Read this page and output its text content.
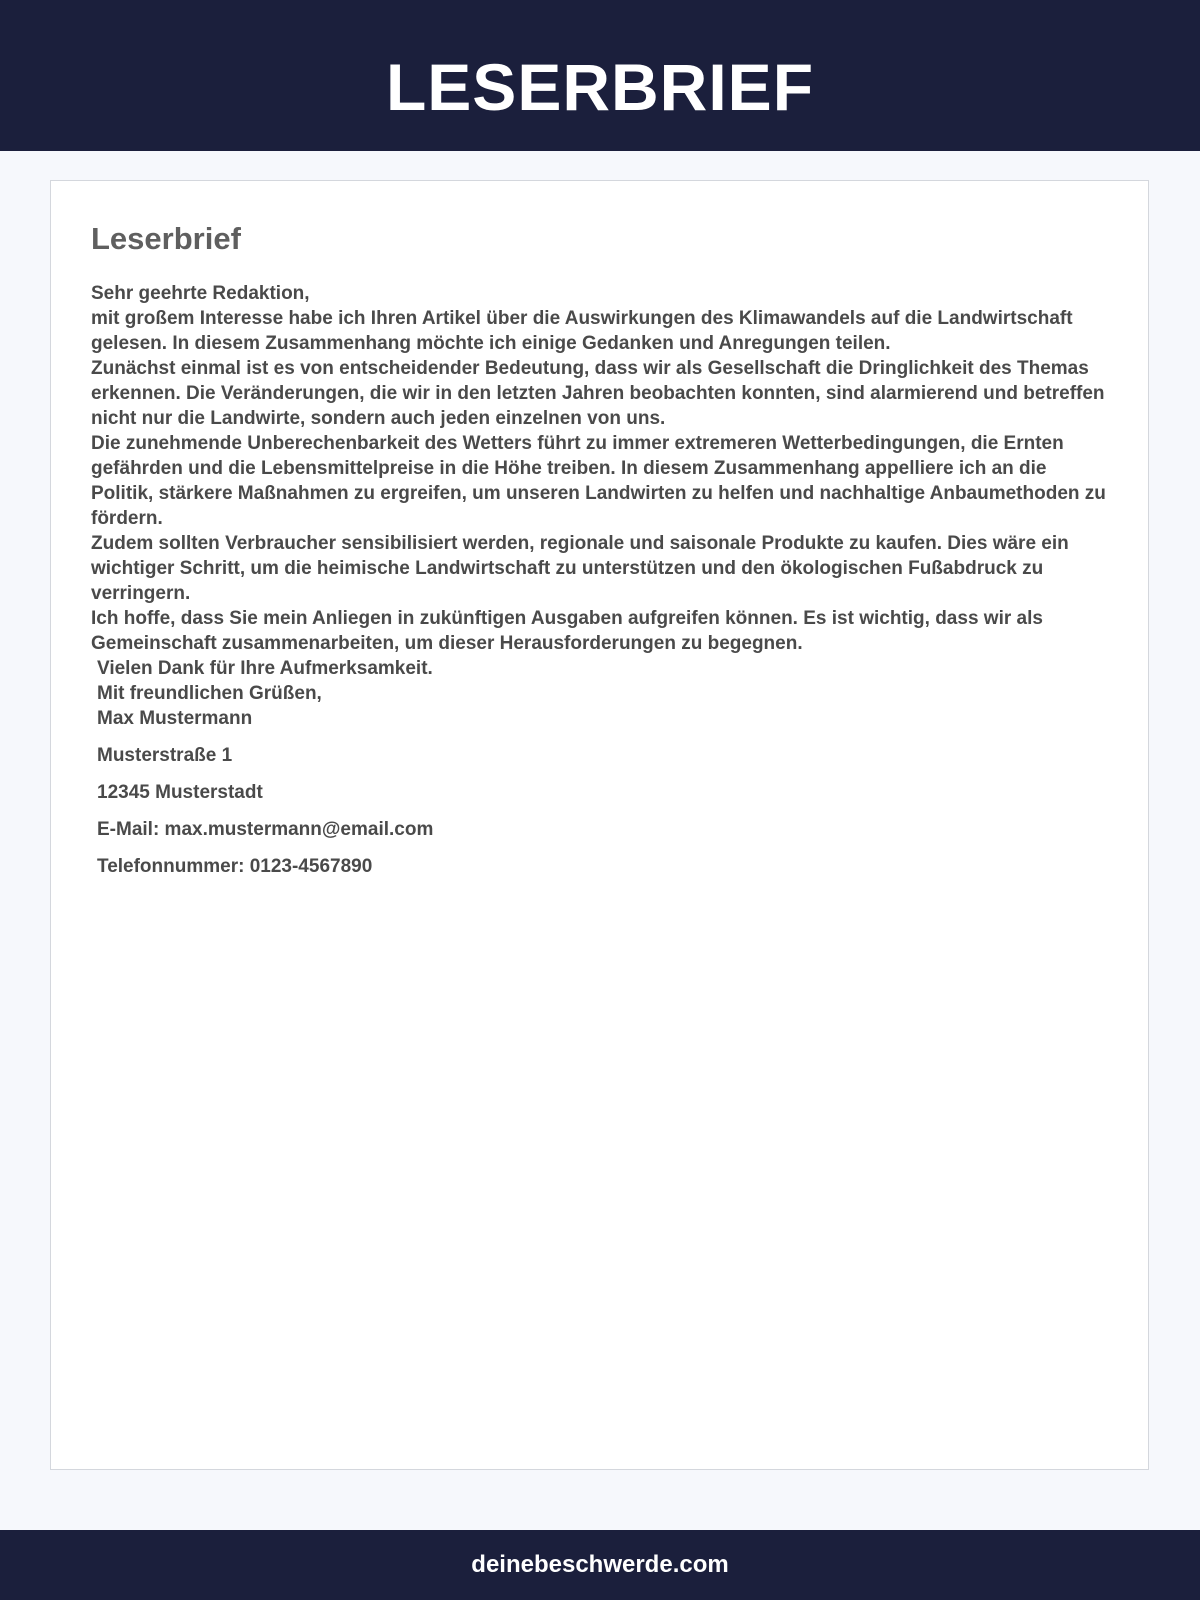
LESERBRIEF
Leserbrief

Sehr geehrte Redaktion,

mit großem Interesse habe ich Ihren Artikel über die Auswirkungen des Klimawandels auf die Landwirtschaft gelesen. In diesem Zusammenhang möchte ich einige Gedanken und Anregungen teilen.

Zunächst einmal ist es von entscheidender Bedeutung, dass wir als Gesellschaft die Dringlichkeit des Themas erkennen. Die Veränderungen, die wir in den letzten Jahren beobachten konnten, sind alarmierend und betreffen nicht nur die Landwirte, sondern auch jeden einzelnen von uns.

Die zunehmende Unberechenbarkeit des Wetters führt zu immer extremeren Wetterbedingungen, die Ernten gefährden und die Lebensmittelpreise in die Höhe treiben. In diesem Zusammenhang appelliere ich an die Politik, stärkere Maßnahmen zu ergreifen, um unseren Landwirten zu helfen und nachhaltige Anbaumethoden zu fördern.

Zudem sollten Verbraucher sensibilisiert werden, regionale und saisonale Produkte zu kaufen. Dies wäre ein wichtiger Schritt, um die heimische Landwirtschaft zu unterstützen und den ökologischen Fußabdruck zu verringern.

Ich hoffe, dass Sie mein Anliegen in zukünftigen Ausgaben aufgreifen können. Es ist wichtig, dass wir als Gemeinschaft zusammenarbeiten, um dieser Herausforderungen zu begegnen.

Vielen Dank für Ihre Aufmerksamkeit.

Mit freundlichen Grüßen,

Max Mustermann

Musterstraße 1

12345 Musterstadt

E-Mail: max.mustermann@email.com

Telefonnummer: 0123-4567890

deinebeschwerde.com
